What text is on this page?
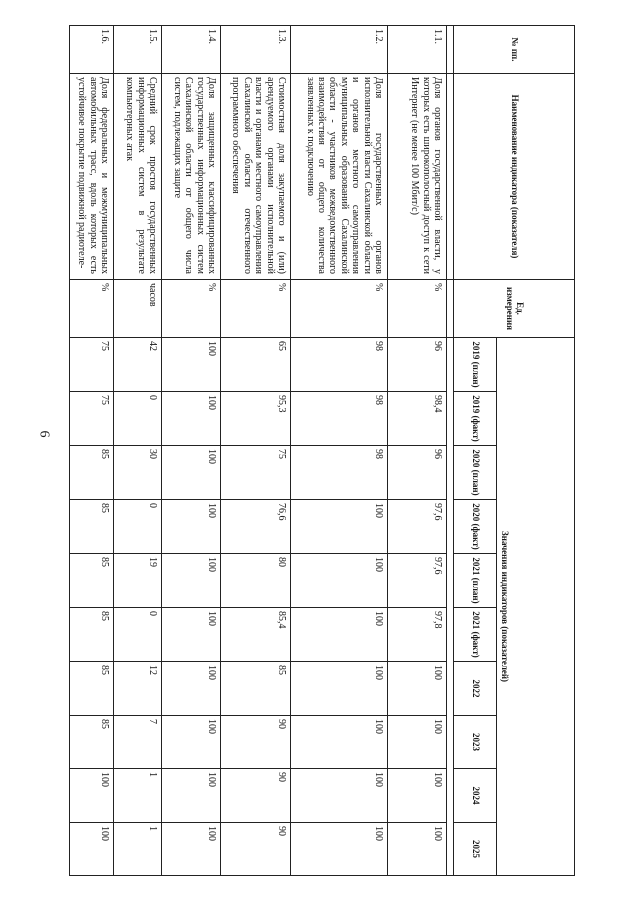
6
№ пп.	Наименование индикатора (показателя)	Ед. измерения	Значения индикаторов (показателей)									
			2019 (план)	2019 (факт)	2020 (план)	2020 (факт)	2021 (план)	2021 (факт)	2022	2023	2024	2025

1.1.	Доля органов государственной власти, у которых есть широкополосный доступ к сети Интернет (не менее 100 Мбит/с)	%	96	98,4	96	97,6	97,6	97,8	100	100	100	100
1.2.	Доля государственных органов исполнительной власти Сахалинской области и органов местного самоуправления муниципальных образований Сахалинской области - участников межведомственного взаимодействия от общего количества заявленных к подключению	%	98	98	98	100	100	100	100	100	100	100
1.3.	Стоимостная доля закупаемого и (или) арендуемого органами исполнительной власти и органами местного самоуправления Сахалинской области отечественного программного обеспечения	%	65	95,3	75	76,6	80	85,4	85	90	90	90
1.4.	Доля защищенных классифицированных государственных информационных систем Сахалинской области от общего числа систем, подлежащих защите	%	100	100	100	100	100	100	100	100	100	100
1.5.	Средний срок простоя государственных информационных систем в результате компьютерных атак	часов	42	0	30	0	19	0	12	7	1	1
1.6.	Доля федеральных и межмуниципальных автомобильных трасс, вдоль которых есть устойчивое покрытие подвижной радиотеле-	%	75	75	85	85	85	85	85	85	100	100
